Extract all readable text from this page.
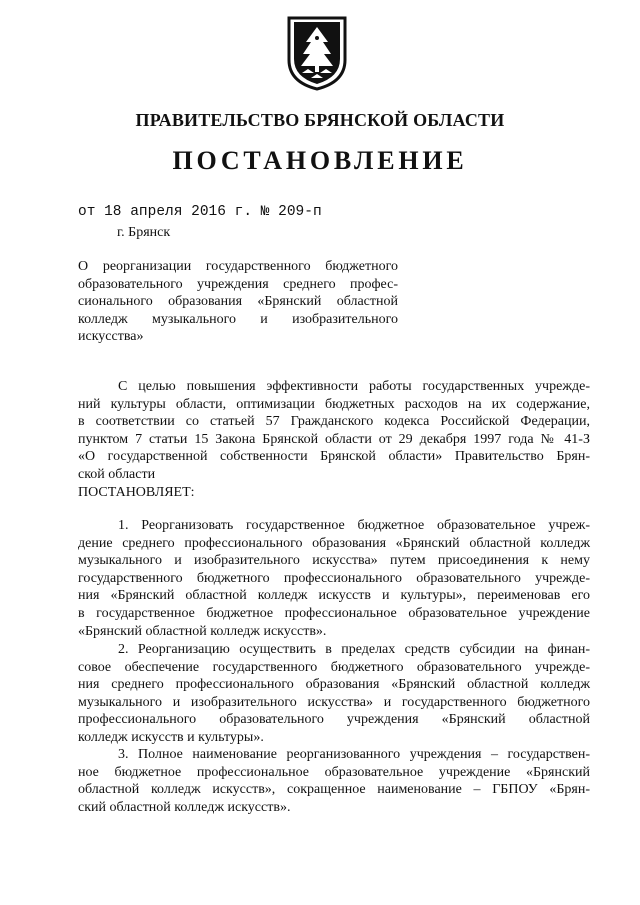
ПРАВИТЕЛЬСТВО БРЯНСКОЙ ОБЛАСТИ
ПОСТАНОВЛЕНИЕ
от 18 апреля 2016 г. № 209-п
г. Брянск
О реорганизации государственного бюджетного
образовательного учреждения среднего профес-
сионального образования «Брянский областной
колледж музыкального и изобразительного
искусства»
С целью повышения эффективности работы государственных учрежде-
ний культуры области, оптимизации бюджетных расходов на их содержание,
в соответствии со статьей 57 Гражданского кодекса Российской Федерации,
пунктом 7 статьи 15 Закона Брянской области от 29 декабря 1997 года № 41-З
«О государственной собственности Брянской области» Правительство Брян-
ской области
ПОСТАНОВЛЯЕТ:
1. Реорганизовать государственное бюджетное образовательное учреж-
дение среднего профессионального образования «Брянский областной колледж
музыкального и изобразительного искусства» путем присоединения к нему
государственного бюджетного профессионального образовательного учрежде-
ния «Брянский областной колледж искусств и культуры», переименовав его
в государственное бюджетное профессиональное образовательное учреждение
«Брянский областной колледж искусств».
2. Реорганизацию осуществить в пределах средств субсидии на финан-
совое обеспечение государственного бюджетного образовательного учрежде-
ния среднего профессионального образования «Брянский областной колледж
музыкального и изобразительного искусства» и государственного бюджетного
профессионального образовательного учреждения «Брянский областной
колледж искусств и культуры».
3. Полное наименование реорганизованного учреждения – государствен-
ное бюджетное профессиональное образовательное учреждение «Брянский
областной колледж искусств», сокращенное наименование – ГБПОУ «Брян-
ский областной колледж искусств».
